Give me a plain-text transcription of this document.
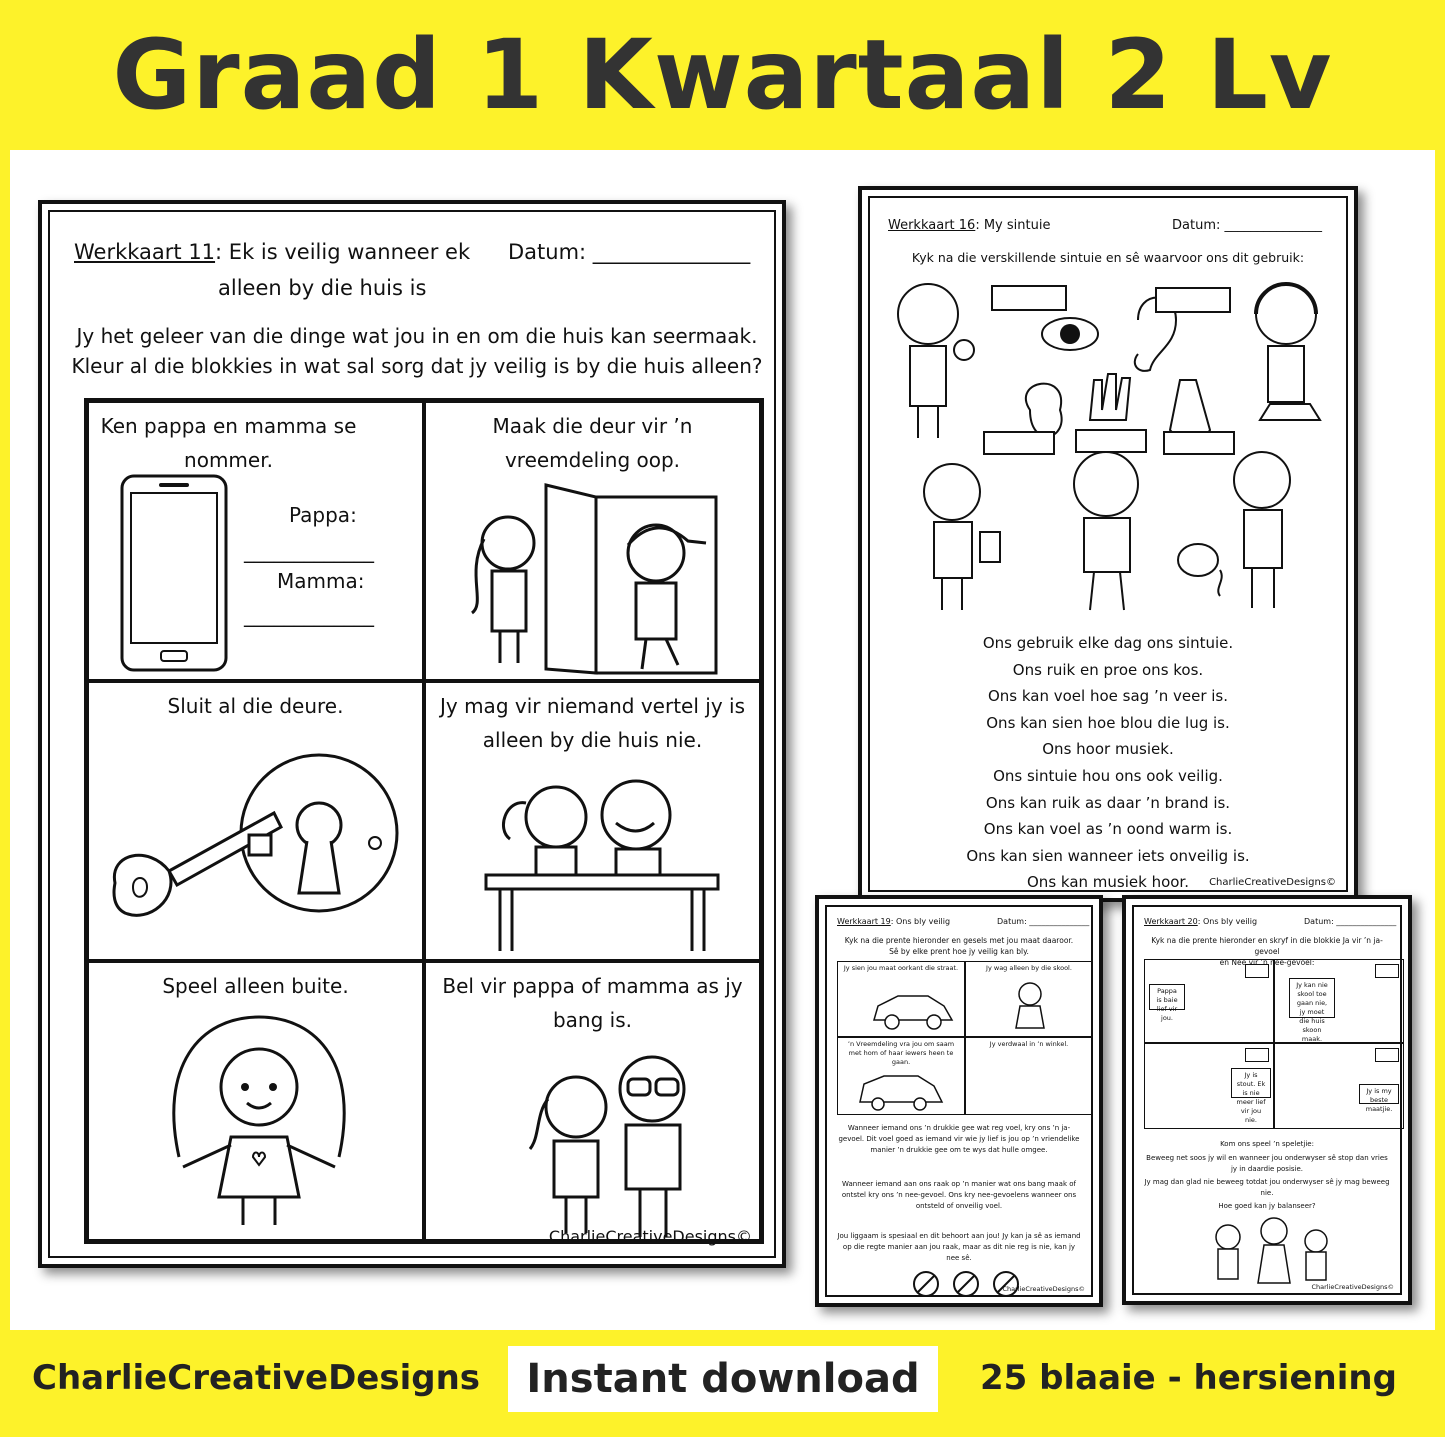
Graad 1 Kwartaal 2 Lv
Werkkaart 11: Ek is veilig wanneer ek
alleen by die huis is
Datum: _______________
Jy het geleer van die dinge wat jou in en om die huis kan seermaak.
Kleur al die blokkies in wat sal sorg dat jy veilig is by die huis alleen?
Ken pappa en mamma se nommer.
Pappa:
_____________
Mamma:
_____________
Maak die deur vir ’n vreemdeling oop.
Sluit al die deure.	Jy mag vir niemand vertel jy is alleen by die huis nie.
Speel alleen buite.	Bel vir pappa of mamma as jy bang is.
CharlieCreativeDesigns©
Werkkaart 16: My sintuie	Datum: _______________
Kyk na die verskillende sintuie en sê waarvoor ons dit gebruik:
Ons gebruik elke dag ons sintuie.
Ons ruik en proe ons kos.
Ons kan voel hoe sag ’n veer is.
Ons kan sien hoe blou die lug is.
Ons hoor musiek.
Ons sintuie hou ons ook veilig.
Ons kan ruik as daar ’n brand is.
Ons kan voel as ’n oond warm is.
Ons kan sien wanneer iets onveilig is.
Ons kan musiek hoor.	CharlieCreativeDesigns©
Werkkaart 19: Ons bly veilig	Datum: _______________
Kyk na die prente hieronder en gesels met jou maat daaroor.
Sê by elke prent hoe jy veilig kan bly.
Jy sien jou maat oorkant die straat.	Jy wag alleen by die skool.
’n Vreemdeling vra jou om saam met hom of haar iewers heen te gaan.
Jy verdwaal in ’n winkel.
Wanneer iemand ons ’n drukkie gee wat reg voel, kry ons ’n ja-gevoel. Dit voel goed as iemand vir wie jy lief is jou op ’n vriendelike manier ’n drukkie gee om te wys dat hulle omgee.
Wanneer iemand aan ons raak op ’n manier wat ons bang maak of ontstel kry ons ’n nee-gevoel. Ons kry nee-gevoelens wanneer ons ontsteld of onveilig voel.
Jou liggaam is spesiaal en dit behoort aan jou! Jy kan ja sê as iemand op die regte manier aan jou raak, maar as dit nie reg is nie, kan jy nee sê.
CharlieCreativeDesigns©
Werkkaart 20: Ons bly veilig	Datum: _______________
Kyk na die prente hieronder en skryf in die blokkie Ja vir ’n ja-gevoel
en Nee vir ’n nee-gevoel:
Pappa is baie lief vir jou.
Jy kan nie skool toe gaan nie, jy moet die huis skoon maak.
Jy is stout. Ek is nie meer lief vir jou nie.
Jy is my beste maatjie.
Kom ons speel ’n speletjie:
Beweeg net soos jy wil en wanneer jou onderwyser sê stop dan vries jy in daardie posisie.
Jy mag dan glad nie beweeg totdat jou onderwyser sê jy mag beweeg nie.
Hoe goed kan jy balanseer?
CharlieCreativeDesigns©
CharlieCreativeDesigns	Instant download	25 blaaie - hersiening
